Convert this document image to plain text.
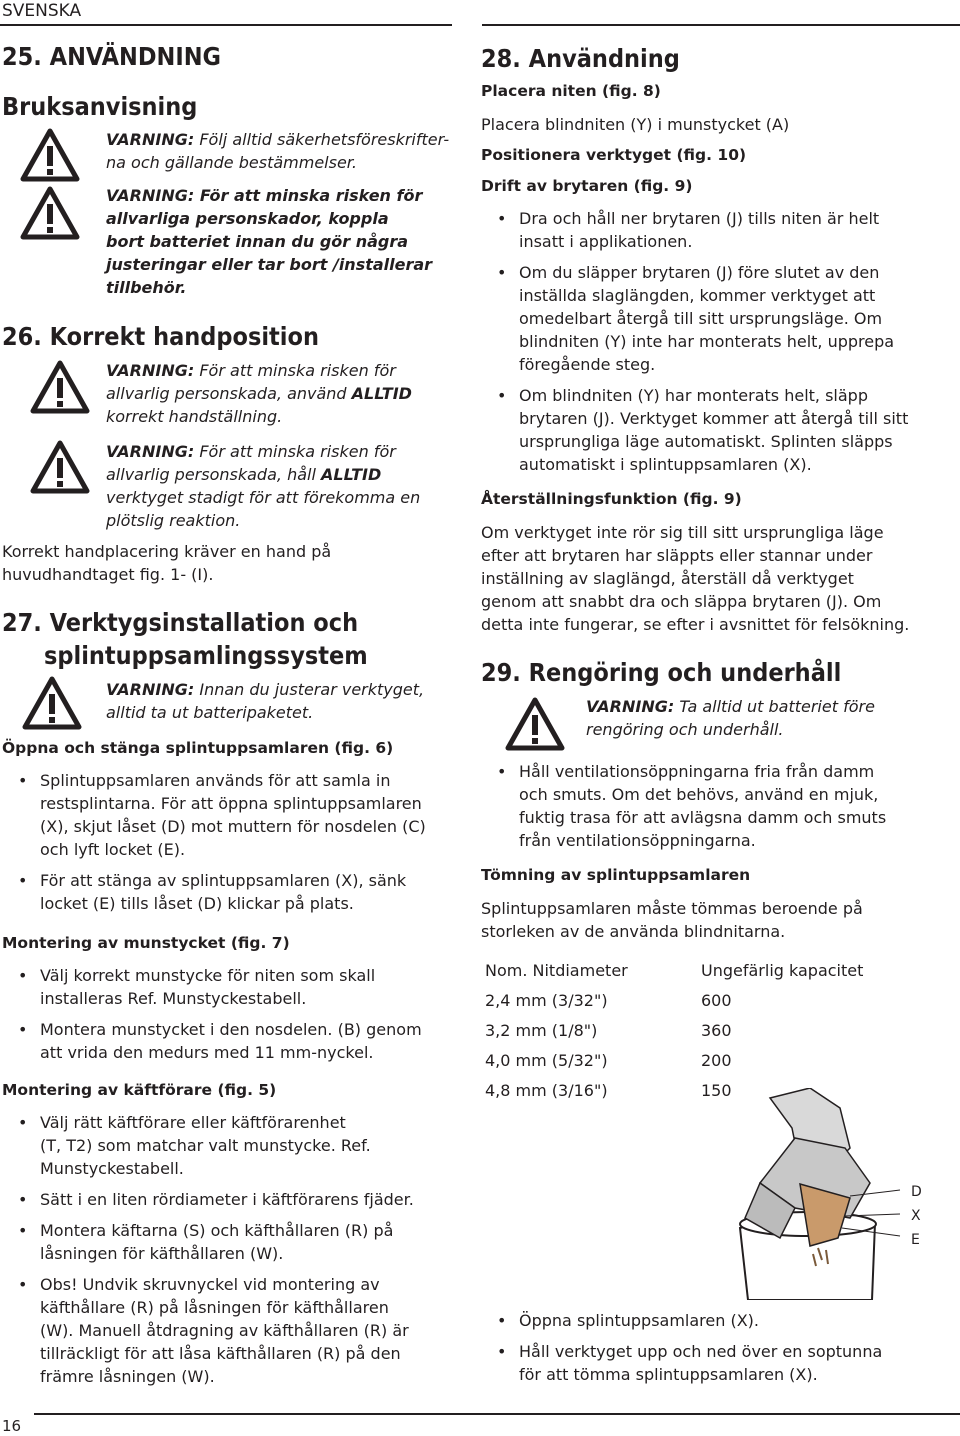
SVENSKA
25. ANVÄNDNING
Bruksanvisning
VARNING: Följ alltid säkerhetsföreskrifter-
na och gällande bestämmelser.
VARNING: För att minska risken för
allvarliga personskador, koppla
bort batteriet innan du gör några
justeringar eller tar bort /installerar
tillbehör.
26. Korrekt handposition
VARNING: För att minska risken för
allvarlig personskada, använd ALLTID
korrekt handställning.
VARNING: För att minska risken för
allvarlig personskada, håll ALLTID
verktyget stadigt för att förekomma en
plötslig reaktion.
Korrekt handplacering kräver en hand på
huvudhandtaget fig. 1- (I).
27. Verktygsinstallation och
splintuppsamlingssystem
VARNING: Innan du justerar verktyget,
alltid ta ut batteripaketet.
Öppna och stänga splintuppsamlaren (fig. 6)
• Splintuppsamlaren används för att samla in
restsplintarna. För att öppna splintuppsamlaren
(X), skjut låset (D) mot muttern för nosdelen (C)
och lyft locket (E).
• För att stänga av splintuppsamlaren (X), sänk
locket (E) tills låset (D) klickar på plats.
Montering av munstycket (fig. 7)
• Välj korrekt munstycke för niten som skall
installeras Ref. Munstyckestabell.
• Montera munstycket i den nosdelen. (B) genom
att vrida den medurs med 11 mm-nyckel.
Montering av käftförare (fig. 5)
• Välj rätt käftförare eller käftförarenhet
(T, T2) som matchar valt munstycke. Ref.
Munstyckestabell.
• Sätt i en liten rördiameter i käftförarens fjäder.
• Montera käftarna (S) och käfthållaren (R) på
låsningen för käfthållaren (W).
• Obs! Undvik skruvnyckel vid montering av
käfthållare (R) på låsningen för käfthållaren
(W). Manuell åtdragning av käfthållaren (R) är
tillräckligt för att låsa käfthållaren (R) på den
främre låsningen (W).
28. Användning
Placera niten (fig. 8)
Placera blindniten (Y) i munstycket (A)
Positionera verktyget (fig. 10)
Drift av brytaren (fig. 9)
• Dra och håll ner brytaren (J) tills niten är helt
insatt i applikationen.
• Om du släpper brytaren (J) före slutet av den
inställda slaglängden, kommer verktyget att
omedelbart återgå till sitt ursprungsläge. Om
blindniten (Y) inte har monterats helt, upprepa
föregående steg.
• Om blindniten (Y) har monterats helt, släpp
brytaren (J). Verktyget kommer att återgå till sitt
ursprungliga läge automatiskt. Splinten släpps
automatiskt i splintuppsamlaren (X).
Återställningsfunktion (fig. 9)
Om verktyget inte rör sig till sitt ursprungliga läge
efter att brytaren har släppts eller stannar under
inställning av slaglängd, återställ då verktyget
genom att snabbt dra och släppa brytaren (J). Om
detta inte fungerar, se efter i avsnittet för felsökning.
29. Rengöring och underhåll
VARNING: Ta alltid ut batteriet före
rengöring och underhåll.
• Håll ventilationsöppningarna fria från damm
och smuts. Om det behövs, använd en mjuk,
fuktig trasa för att avlägsna damm och smuts
från ventilationsöppningarna.
Tömning av splintuppsamlaren
Splintuppsamlaren måste tömmas beroende på
storleken av de använda blindnitarna.
Nom. Nitdiameter	Ungefärlig kapacitet
2,4 mm (3/32")	600
3,2 mm (1/8")	360
4,0 mm (5/32")	200
4,8 mm (3/16")	150
D
X
E
• Öppna splintuppsamlaren (X).
• Håll verktyget upp och ned över en soptunna
för att tömma splintuppsamlaren (X).
16
